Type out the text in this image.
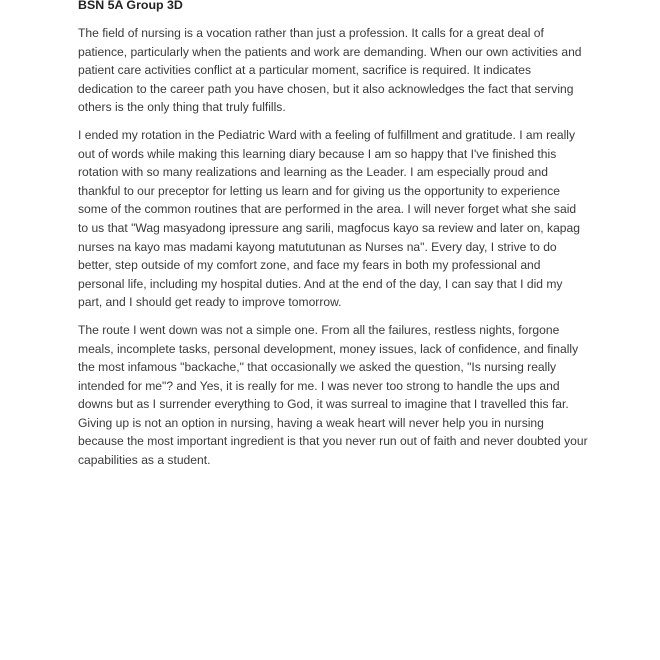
BSN 5A Group 3D

The field of nursing is a vocation rather than just a profession. It calls for a great deal of patience, particularly when the patients and work are demanding. When our own activities and patient care activities conflict at a particular moment, sacrifice is required. It indicates dedication to the career path you have chosen, but it also acknowledges the fact that serving others is the only thing that truly fulfills.

I ended my rotation in the Pediatric Ward with a feeling of fulfillment and gratitude. I am really out of words while making this learning diary because I am so happy that I've finished this rotation with so many realizations and learning as the Leader. I am especially proud and thankful to our preceptor for letting us learn and for giving us the opportunity to experience some of the common routines that are performed in the area. I will never forget what she said to us that "Wag masyadong ipressure ang sarili, magfocus kayo sa review and later on, kapag nurses na kayo mas madami kayong matututunan as Nurses na". Every day, I strive to do better, step outside of my comfort zone, and face my fears in both my professional and personal life, including my hospital duties. And at the end of the day, I can say that I did my part, and I should get ready to improve tomorrow.

The route I went down was not a simple one. From all the failures, restless nights, forgone meals, incomplete tasks, personal development, money issues, lack of confidence, and finally the most infamous "backache," that occasionally we asked the question, "Is nursing really intended for me"? and Yes, it is really for me. I was never too strong to handle the ups and downs but as I surrender everything to God, it was surreal to imagine that I travelled this far. Giving up is not an option in nursing, having a weak heart will never help you in nursing because the most important ingredient is that you never run out of faith and never doubted your capabilities as a student.
